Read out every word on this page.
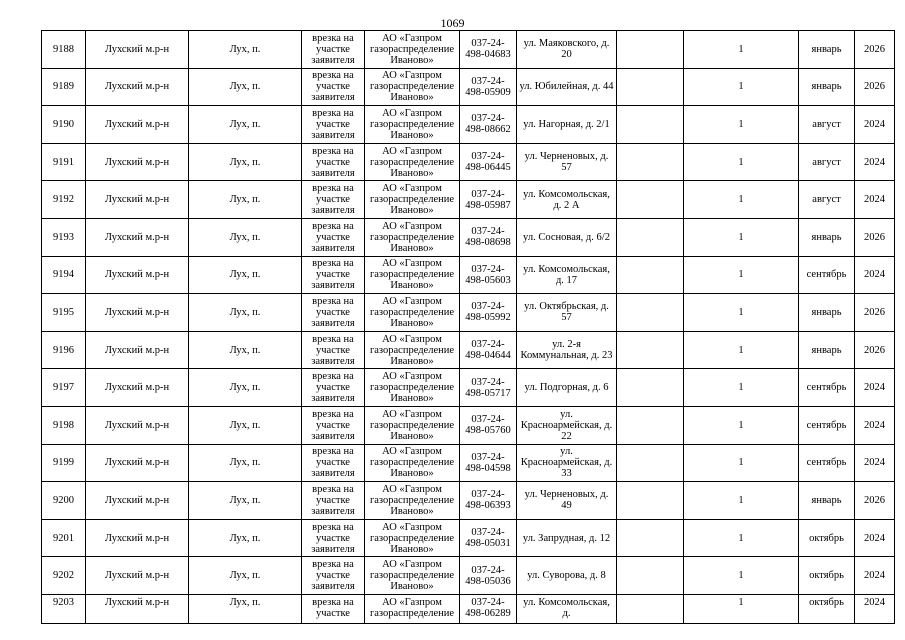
1069
9188	Лухский м.р-н	Лух, п.	врезка на участке заявителя	АО «Газпром газораспределение Иваново»	037-24-498-04683	ул. Маяковского, д. 20		1	январь	2026
9189	Лухский м.р-н	Лух, п.	врезка на участке заявителя	АО «Газпром газораспределение Иваново»	037-24-498-05909	ул. Юбилейная, д. 44		1	январь	2026
9190	Лухский м.р-н	Лух, п.	врезка на участке заявителя	АО «Газпром газораспределение Иваново»	037-24-498-08662	ул. Нагорная, д. 2/1		1	август	2024
9191	Лухский м.р-н	Лух, п.	врезка на участке заявителя	АО «Газпром газораспределение Иваново»	037-24-498-06445	ул. Черненовых, д. 57		1	август	2024
9192	Лухский м.р-н	Лух, п.	врезка на участке заявителя	АО «Газпром газораспределение Иваново»	037-24-498-05987	ул. Комсомольская, д. 2 А		1	август	2024
9193	Лухский м.р-н	Лух, п.	врезка на участке заявителя	АО «Газпром газораспределение Иваново»	037-24-498-08698	ул. Сосновая, д. 6/2		1	январь	2026
9194	Лухский м.р-н	Лух, п.	врезка на участке заявителя	АО «Газпром газораспределение Иваново»	037-24-498-05603	ул. Комсомольская, д. 17		1	сентябрь	2024
9195	Лухский м.р-н	Лух, п.	врезка на участке заявителя	АО «Газпром газораспределение Иваново»	037-24-498-05992	ул. Октябрьская, д. 57		1	январь	2026
9196	Лухский м.р-н	Лух, п.	врезка на участке заявителя	АО «Газпром газораспределение Иваново»	037-24-498-04644	ул. 2-я Коммунальная, д. 23		1	январь	2026
9197	Лухский м.р-н	Лух, п.	врезка на участке заявителя	АО «Газпром газораспределение Иваново»	037-24-498-05717	ул. Подгорная, д. 6		1	сентябрь	2024
9198	Лухский м.р-н	Лух, п.	врезка на участке заявителя	АО «Газпром газораспределение Иваново»	037-24-498-05760	ул. Красноармейская, д. 22		1	сентябрь	2024
9199	Лухский м.р-н	Лух, п.	врезка на участке заявителя	АО «Газпром газораспределение Иваново»	037-24-498-04598	ул. Красноармейская, д. 33		1	сентябрь	2024
9200	Лухский м.р-н	Лух, п.	врезка на участке заявителя	АО «Газпром газораспределение Иваново»	037-24-498-06393	ул. Черненовых, д. 49		1	январь	2026
9201	Лухский м.р-н	Лух, п.	врезка на участке заявителя	АО «Газпром газораспределение Иваново»	037-24-498-05031	ул. Запрудная, д. 12		1	октябрь	2024
9202	Лухский м.р-н	Лух, п.	врезка на участке заявителя	АО «Газпром газораспределение Иваново»	037-24-498-05036	ул. Суворова, д. 8		1	октябрь	2024
9203	Лухский м.р-н	Лух, п.	врезка на участке	АО «Газпром газораспределение	037-24-498-06289	ул. Комсомольская, д.		1	октябрь	2024
